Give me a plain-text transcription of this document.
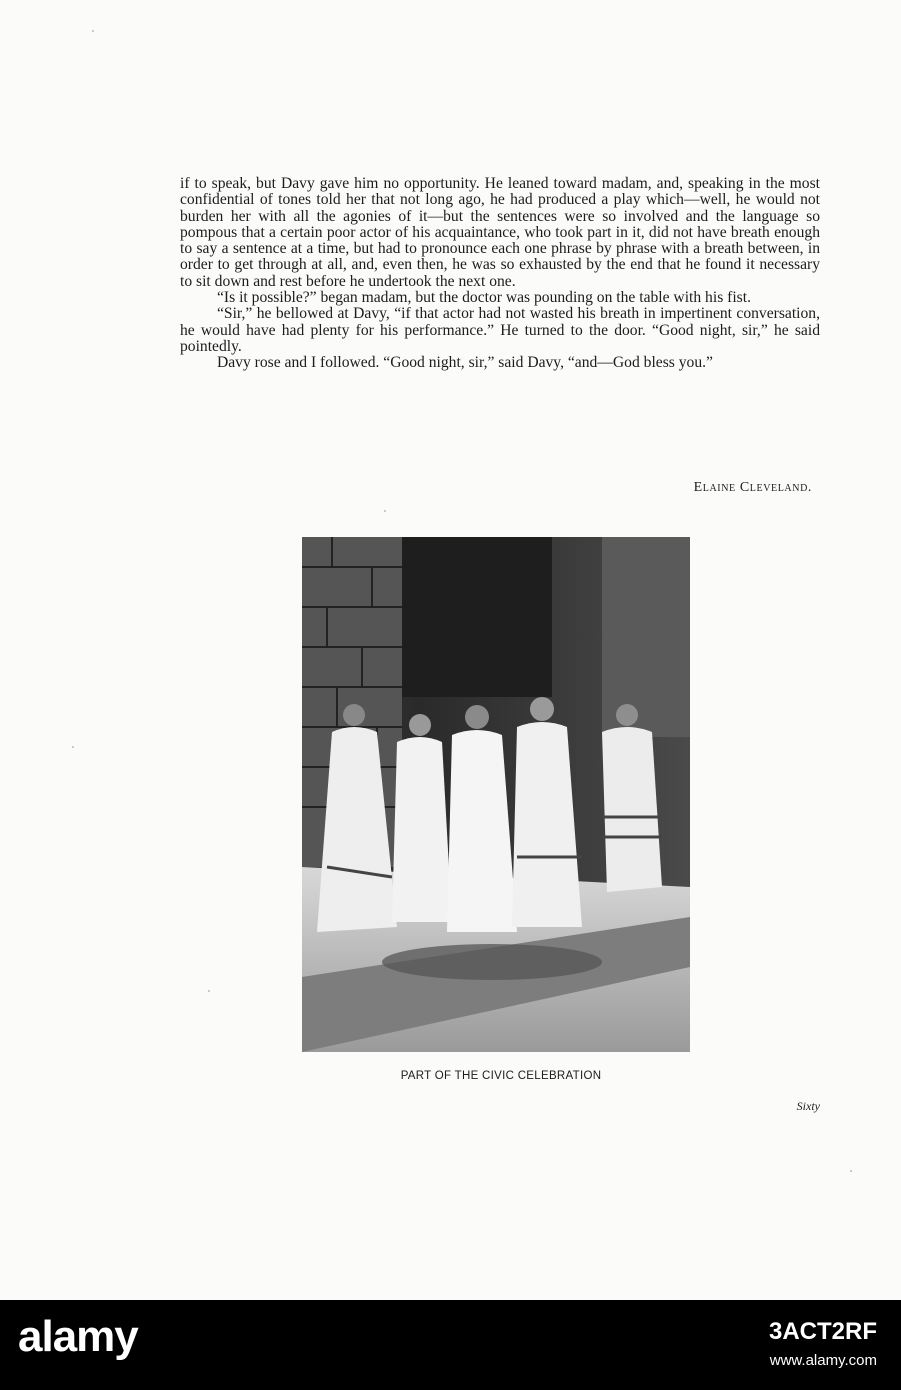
if to speak, but Davy gave him no opportunity. He leaned toward madam, and, speaking in the most confidential of tones told her that not long ago, he had produced a play which—well, he would not burden her with all the agonies of it—but the sentences were so involved and the language so pompous that a certain poor actor of his acquaintance, who took part in it, did not have breath enough to say a sentence at a time, but had to pronounce each one phrase by phrase with a breath between, in order to get through at all, and, even then, he was so exhausted by the end that he found it necessary to sit down and rest before he undertook the next one.

“Is it possible?” began madam, but the doctor was pounding on the table with his fist.

“Sir,” he bellowed at Davy, “if that actor had not wasted his breath in impertinent conversation, he would have had plenty for his performance.” He turned to the door. “Good night, sir,” he said pointedly.

Davy rose and I followed. “Good night, sir,” said Davy, “and—God bless you.”

Elaine Cleveland.
PART OF THE CIVIC CELEBRATION
Sixty
alamy	3ACT2RF
www.alamy.com
